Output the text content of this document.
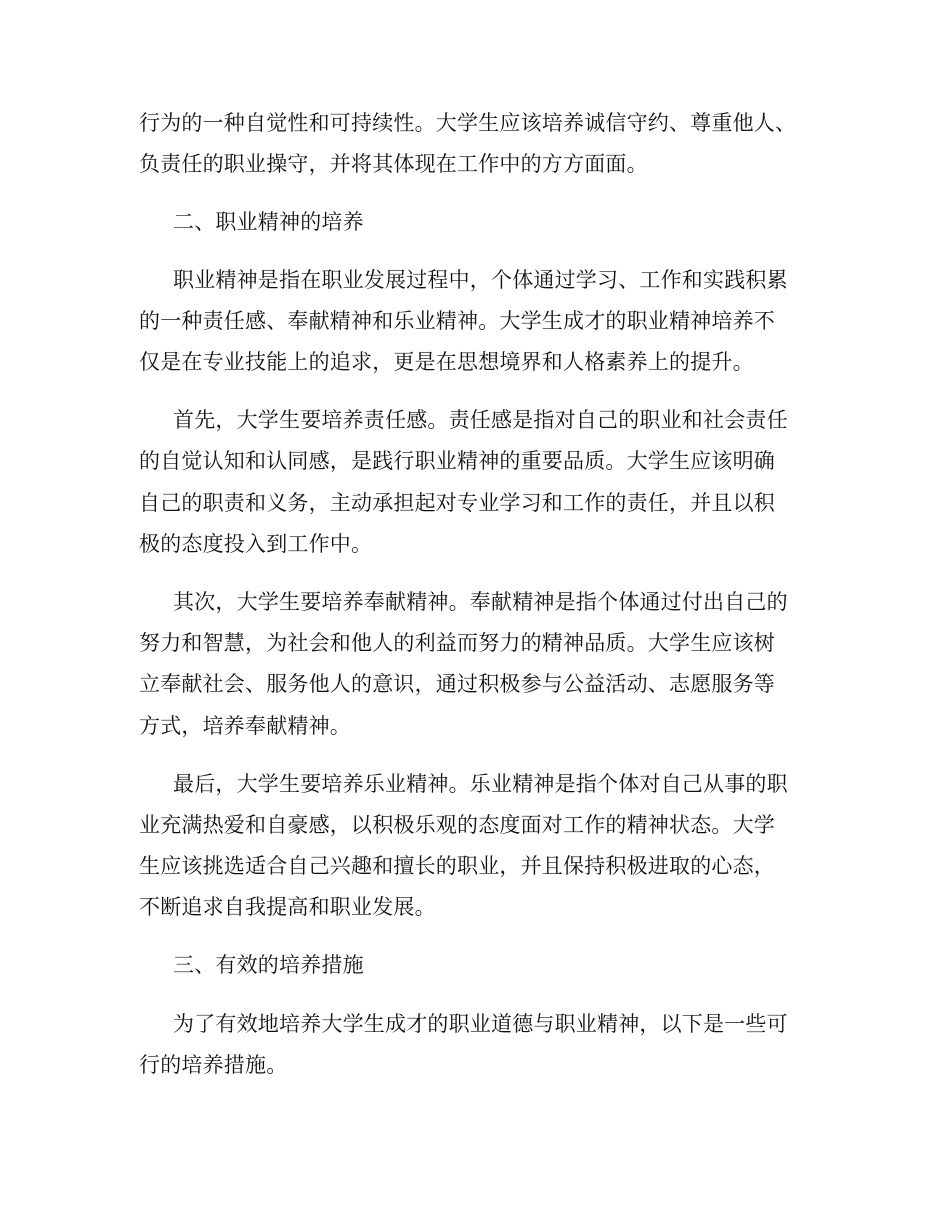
行为的一种自觉性和可持续性。大学生应该培养诚信守约、尊重他人、
负责任的职业操守，并将其体现在工作中的方方面面。
二、职业精神的培养
职业精神是指在职业发展过程中，个体通过学习、工作和实践积累
的一种责任感、奉献精神和乐业精神。大学生成才的职业精神培养不
仅是在专业技能上的追求，更是在思想境界和人格素养上的提升。
首先，大学生要培养责任感。责任感是指对自己的职业和社会责任
的自觉认知和认同感，是践行职业精神的重要品质。大学生应该明确
自己的职责和义务，主动承担起对专业学习和工作的责任，并且以积
极的态度投入到工作中。
其次，大学生要培养奉献精神。奉献精神是指个体通过付出自己的
努力和智慧，为社会和他人的利益而努力的精神品质。大学生应该树
立奉献社会、服务他人的意识，通过积极参与公益活动、志愿服务等
方式，培养奉献精神。
最后，大学生要培养乐业精神。乐业精神是指个体对自己从事的职
业充满热爱和自豪感，以积极乐观的态度面对工作的精神状态。大学
生应该挑选适合自己兴趣和擅长的职业，并且保持积极进取的心态，
不断追求自我提高和职业发展。
三、有效的培养措施
为了有效地培养大学生成才的职业道德与职业精神，以下是一些可
行的培养措施。
